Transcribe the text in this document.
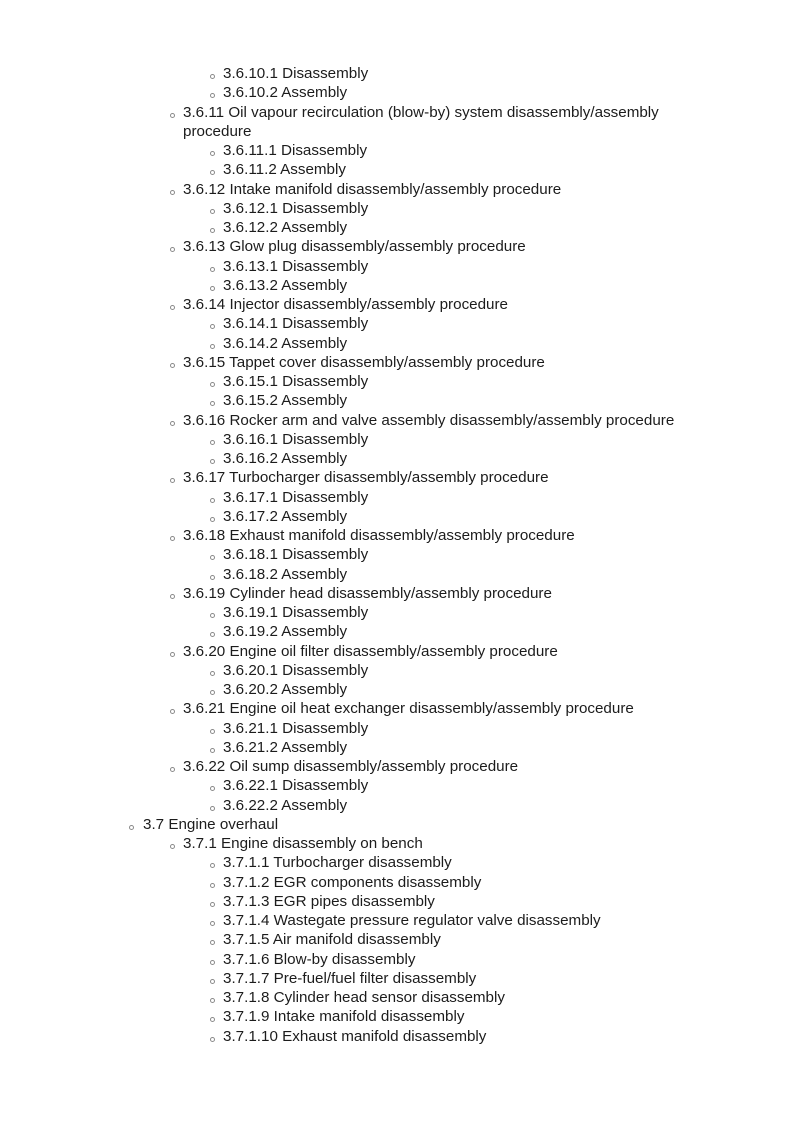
3.6.10.1 Disassembly
3.6.10.2 Assembly
3.6.11 Oil vapour recirculation (blow-by) system disassembly/assembly procedure
3.6.11.1 Disassembly
3.6.11.2 Assembly
3.6.12 Intake manifold disassembly/assembly procedure
3.6.12.1 Disassembly
3.6.12.2 Assembly
3.6.13 Glow plug disassembly/assembly procedure
3.6.13.1 Disassembly
3.6.13.2 Assembly
3.6.14 Injector disassembly/assembly procedure
3.6.14.1 Disassembly
3.6.14.2 Assembly
3.6.15 Tappet cover disassembly/assembly procedure
3.6.15.1 Disassembly
3.6.15.2 Assembly
3.6.16 Rocker arm and valve assembly disassembly/assembly procedure
3.6.16.1 Disassembly
3.6.16.2 Assembly
3.6.17 Turbocharger disassembly/assembly procedure
3.6.17.1 Disassembly
3.6.17.2 Assembly
3.6.18 Exhaust manifold disassembly/assembly procedure
3.6.18.1 Disassembly
3.6.18.2 Assembly
3.6.19 Cylinder head disassembly/assembly procedure
3.6.19.1 Disassembly
3.6.19.2 Assembly
3.6.20 Engine oil filter disassembly/assembly procedure
3.6.20.1 Disassembly
3.6.20.2 Assembly
3.6.21 Engine oil heat exchanger disassembly/assembly procedure
3.6.21.1 Disassembly
3.6.21.2 Assembly
3.6.22 Oil sump disassembly/assembly procedure
3.6.22.1 Disassembly
3.6.22.2 Assembly
3.7 Engine overhaul
3.7.1 Engine disassembly on bench
3.7.1.1 Turbocharger disassembly
3.7.1.2 EGR components disassembly
3.7.1.3 EGR pipes disassembly
3.7.1.4 Wastegate pressure regulator valve disassembly
3.7.1.5 Air manifold disassembly
3.7.1.6 Blow-by disassembly
3.7.1.7 Pre-fuel/fuel filter disassembly
3.7.1.8 Cylinder head sensor disassembly
3.7.1.9 Intake manifold disassembly
3.7.1.10 Exhaust manifold disassembly
